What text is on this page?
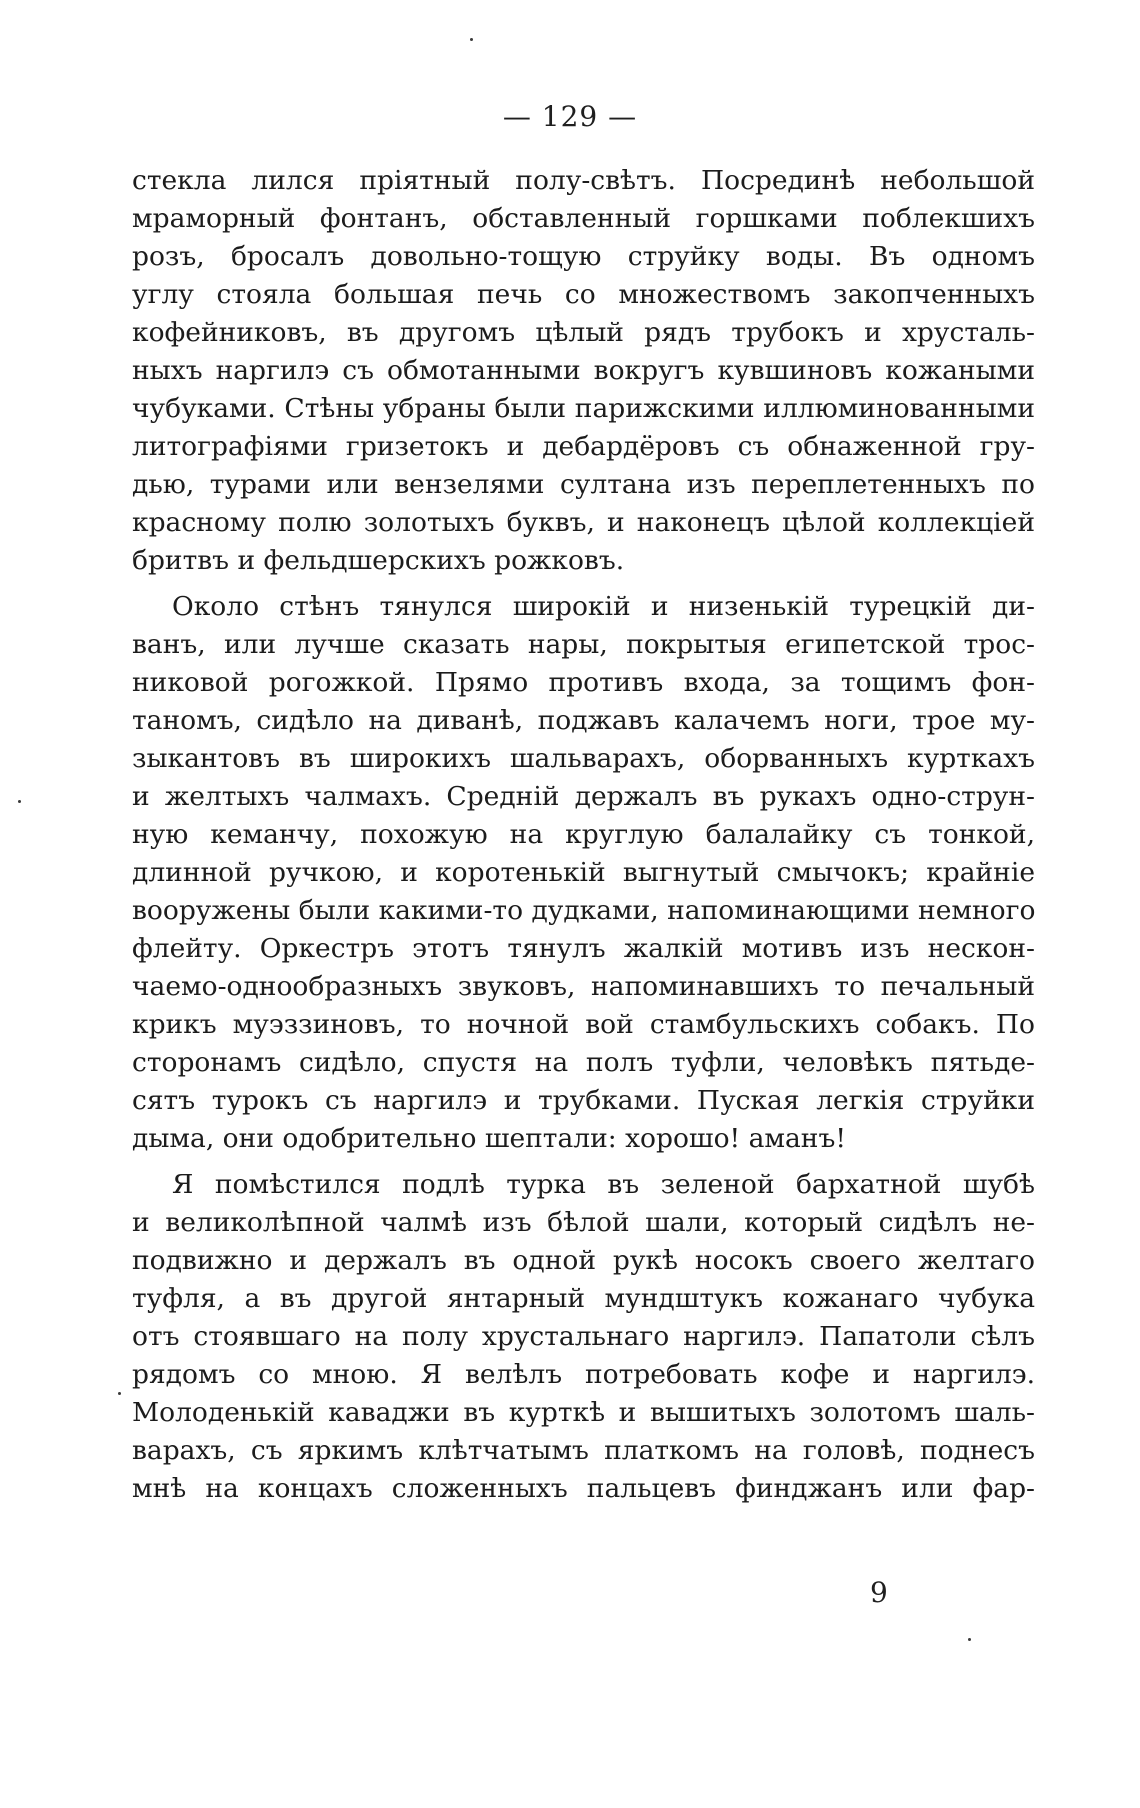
— 129 —
стекла лился прiятный полу-свѣтъ. Посрединѣ небольшой
мраморный фонтанъ, обставленный горшками поблекшихъ
розъ, бросалъ довольно-тощую струйку воды. Въ одномъ
углу стояла большая печь со множествомъ закопченныхъ
кофейниковъ, въ другомъ цѣлый рядъ трубокъ и хрусталь-
ныхъ наргилэ съ обмотанными вокругъ кувшиновъ кожаными
чубуками. Стѣны убраны были парижскими иллюминованными
литографiями гризетокъ и дебардёровъ съ обнаженной гру-
дью, турами или вензелями султана изъ переплетенныхъ по
красному полю золотыхъ буквъ, и наконецъ цѣлой коллекцiей
бритвъ и фельдшерскихъ рожковъ.
Около стѣнъ тянулся широкiй и низенькiй турецкiй ди-
ванъ, или лучше сказать нары, покрытыя египетской трос-
никовой рогожкой. Прямо противъ входа, за тощимъ фон-
таномъ, сидѣло на диванѣ, поджавъ калачемъ ноги, трое му-
зыкантовъ въ широкихъ шальварахъ, оборванныхъ курткахъ
и желтыхъ чалмахъ. Среднiй держалъ въ рукахъ одно-струн-
ную кеманчу, похожую на круглую балалайку съ тонкой,
длинной ручкою, и коротенькiй выгнутый смычокъ; крайнiе
вооружены были какими-то дудками, напоминающими немного
флейту. Оркестръ этотъ тянулъ жалкiй мотивъ изъ нескон-
чаемо-однообразныхъ звуковъ, напоминавшихъ то печальный
крикъ муэззиновъ, то ночной вой стамбульскихъ собакъ. По
сторонамъ сидѣло, спустя на полъ туфли, человѣкъ пятьде-
сятъ турокъ съ наргилэ и трубками. Пуская легкiя струйки
дыма, они одобрительно шептали: хорошо! аманъ!
Я помѣстился подлѣ турка въ зеленой бархатной шубѣ
и великолѣпной чалмѣ изъ бѣлой шали, который сидѣлъ не-
подвижно и держалъ въ одной рукѣ носокъ своего желтаго
туфля, а въ другой янтарный мундштукъ кожанаго чубука
отъ стоявшаго на полу хрустальнаго наргилэ. Папатоли сѣлъ
рядомъ со мною. Я велѣлъ потребовать кофе и наргилэ.
Молоденькiй каваджи въ курткѣ и вышитыхъ золотомъ шаль-
варахъ, съ яркимъ клѣтчатымъ платкомъ на головѣ, поднесъ
мнѣ на концахъ сложенныхъ пальцевъ финджанъ или фар-
9
